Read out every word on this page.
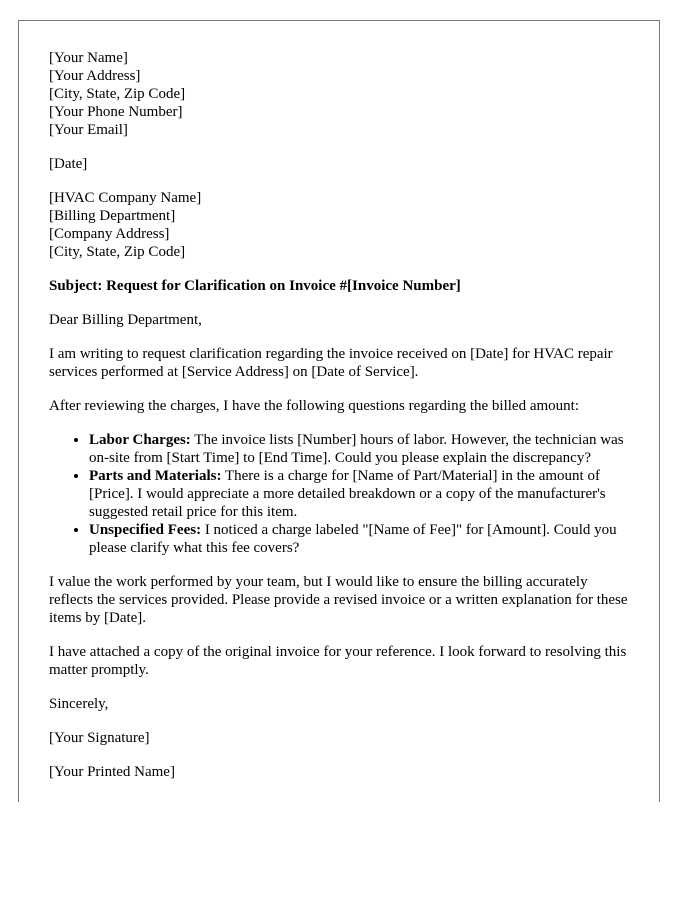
[Your Name]
[Your Address]
[City, State, Zip Code]
[Your Phone Number]
[Your Email]

[Date]

[HVAC Company Name]
[Billing Department]
[Company Address]
[City, State, Zip Code]

Subject: Request for Clarification on Invoice #[Invoice Number]

Dear Billing Department,

I am writing to request clarification regarding the invoice received on [Date] for HVAC repair services performed at [Service Address] on [Date of Service].

After reviewing the charges, I have the following questions regarding the billed amount:

• Labor Charges: The invoice lists [Number] hours of labor. However, the technician was on-site from [Start Time] to [End Time]. Could you please explain the discrepancy?
• Parts and Materials: There is a charge for [Name of Part/Material] in the amount of [Price]. I would appreciate a more detailed breakdown or a copy of the manufacturer's suggested retail price for this item.
• Unspecified Fees: I noticed a charge labeled "[Name of Fee]" for [Amount]. Could you please clarify what this fee covers?

I value the work performed by your team, but I would like to ensure the billing accurately reflects the services provided. Please provide a revised invoice or a written explanation for these items by [Date].

I have attached a copy of the original invoice for your reference. I look forward to resolving this matter promptly.

Sincerely,

[Your Signature]

[Your Printed Name]
